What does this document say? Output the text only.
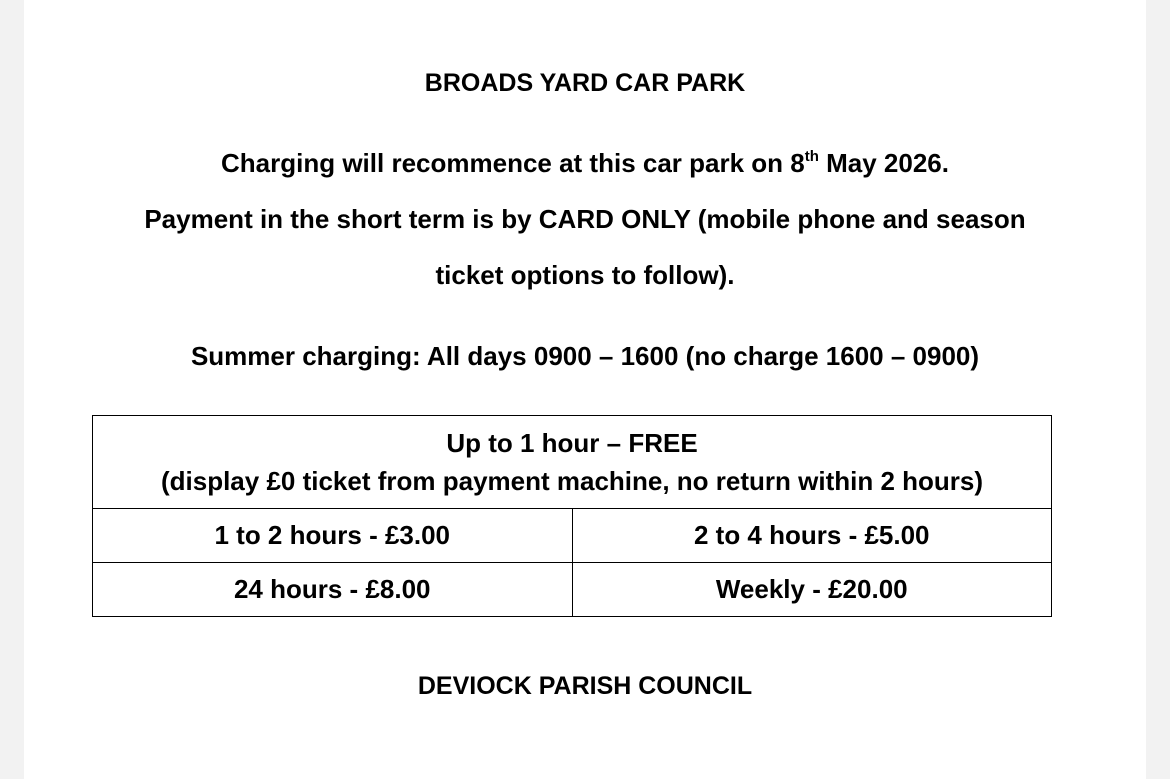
BROADS YARD CAR PARK
Charging will recommence at this car park on 8th May 2026.
Payment in the short term is by CARD ONLY (mobile phone and season
ticket options to follow).
Summer charging: All days 0900 – 1600 (no charge 1600 – 0900)
Up to 1 hour – FREE
(display £0 ticket from payment machine, no return within 2 hours)	

1 to 2 hours - £3.00	2 to 4 hours - £5.00
24 hours - £8.00	Weekly - £20.00
DEVIOCK PARISH COUNCIL
